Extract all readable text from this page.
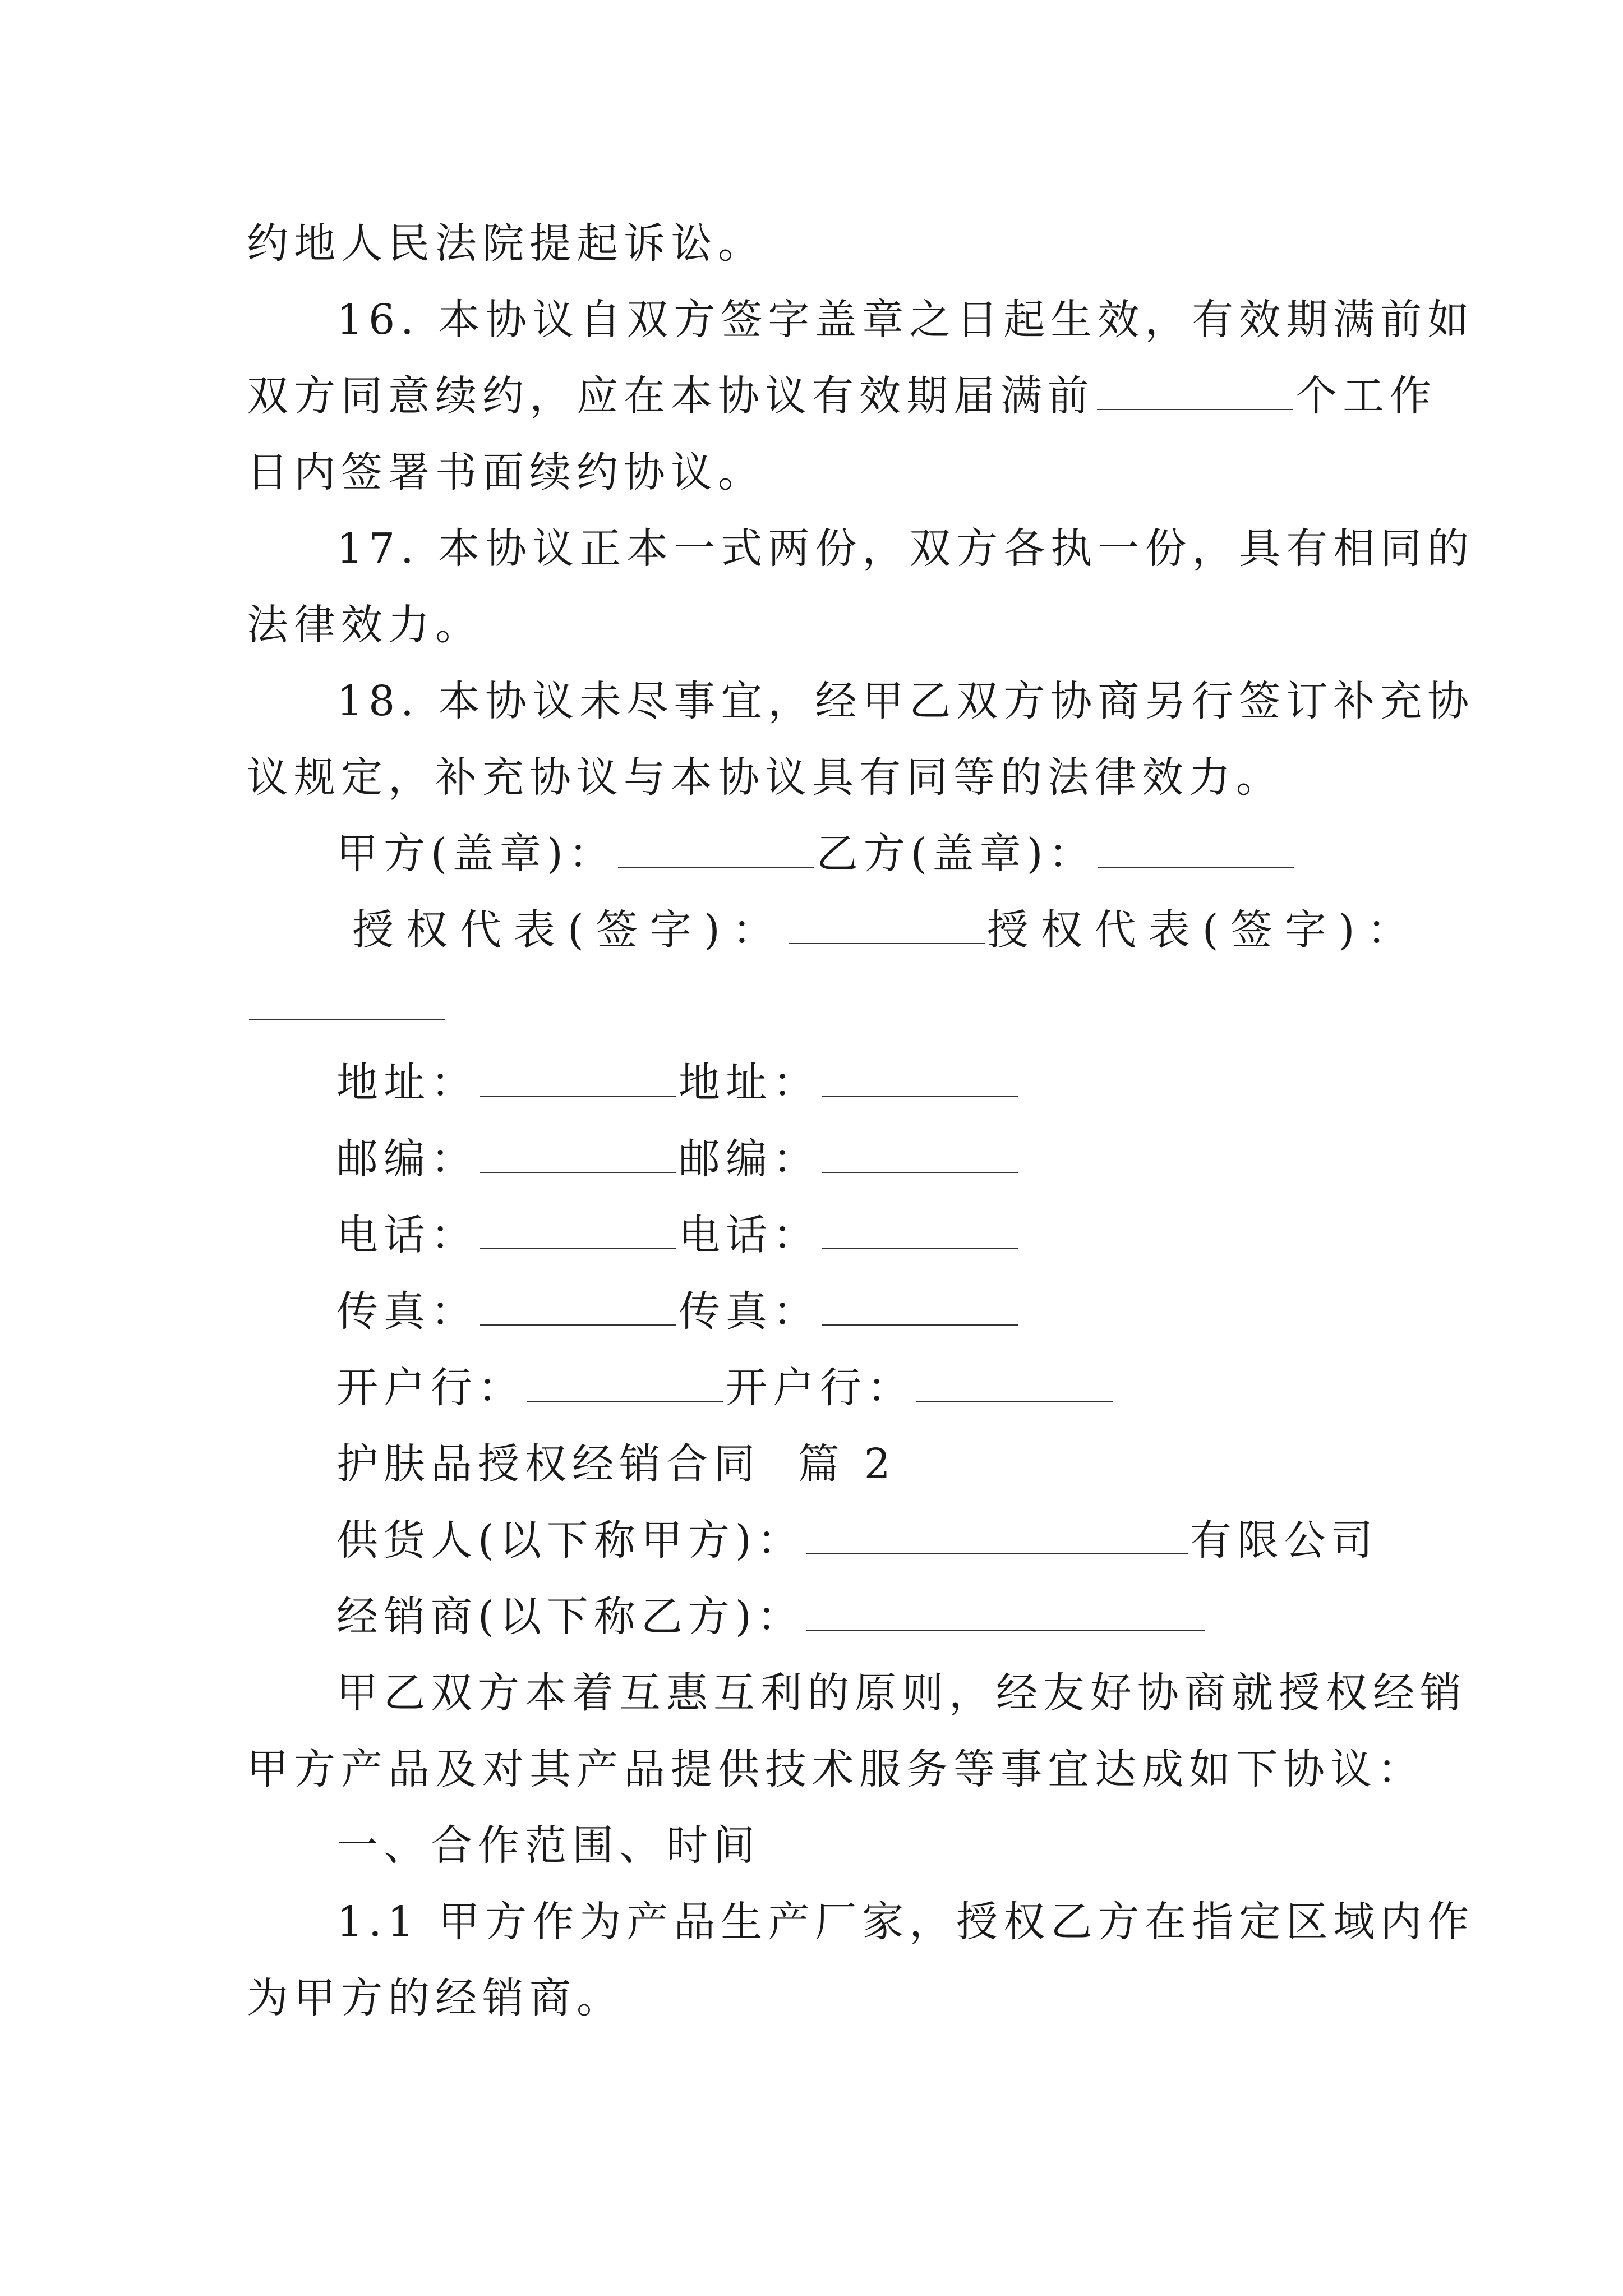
约地人民法院提起诉讼。
16. 本协议自双方签字盖章之日起生效，有效期满前如
双方同意续约，应在本协议有效期届满前	个工作
日内签署书面续约协议。
17. 本协议正本一式两份，双方各执一份，具有相同的
法律效力。
18. 本协议未尽事宜，经甲乙双方协商另行签订补充协
议规定，补充协议与本协议具有同等的法律效力。
甲方(盖章)：	乙方(盖章)：
授权代表(签字)：	授权代表(签字)：
地址：	地址：
邮编：	邮编：
电话：	电话：
传真：	传真：
开户行：	开户行：
护肤品授权经销合同  篇 2
供货人(以下称甲方)：	有限公司
经销商(以下称乙方)：
甲乙双方本着互惠互利的原则，经友好协商就授权经销
甲方产品及对其产品提供技术服务等事宜达成如下协议：
一、合作范围、时间
1.1 甲方作为产品生产厂家，授权乙方在指定区域内作
为甲方的经销商。
